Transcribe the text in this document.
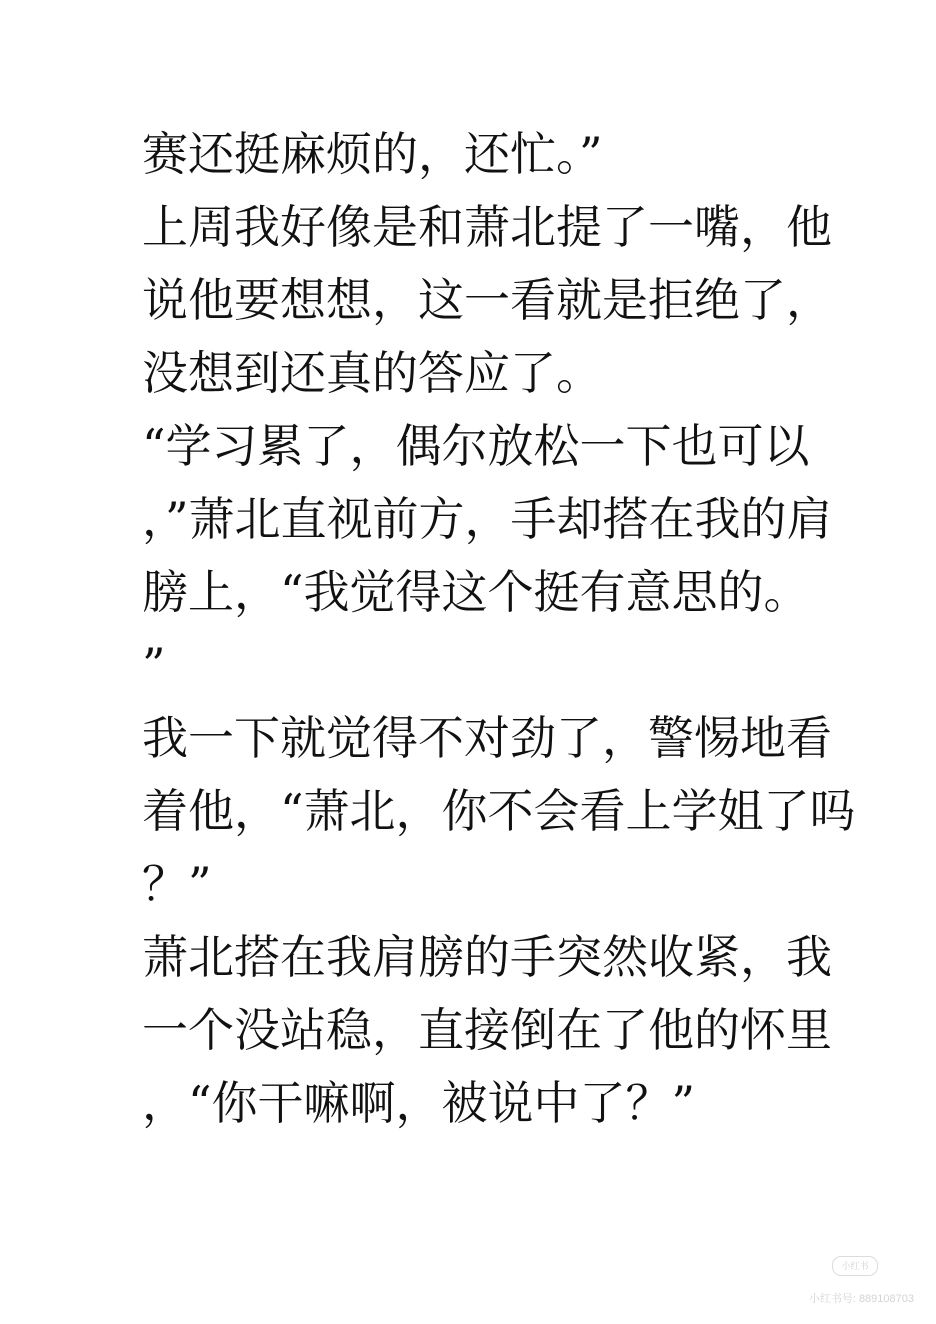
赛还挺麻烦的，还忙。”
上周我好像是和萧北提了一嘴，他
说他要想想，这一看就是拒绝了，
没想到还真的答应了。
“学习累了，偶尔放松一下也可以
，”萧北直视前方，手却搭在我的肩
膀上，“我觉得这个挺有意思的。
”
我一下就觉得不对劲了，警惕地看
着他，“萧北，你不会看上学姐了吗
？”
萧北搭在我肩膀的手突然收紧，我
一个没站稳，直接倒在了他的怀里
，“你干嘛啊，被说中了？”
小红书
小红书号: 889108703
